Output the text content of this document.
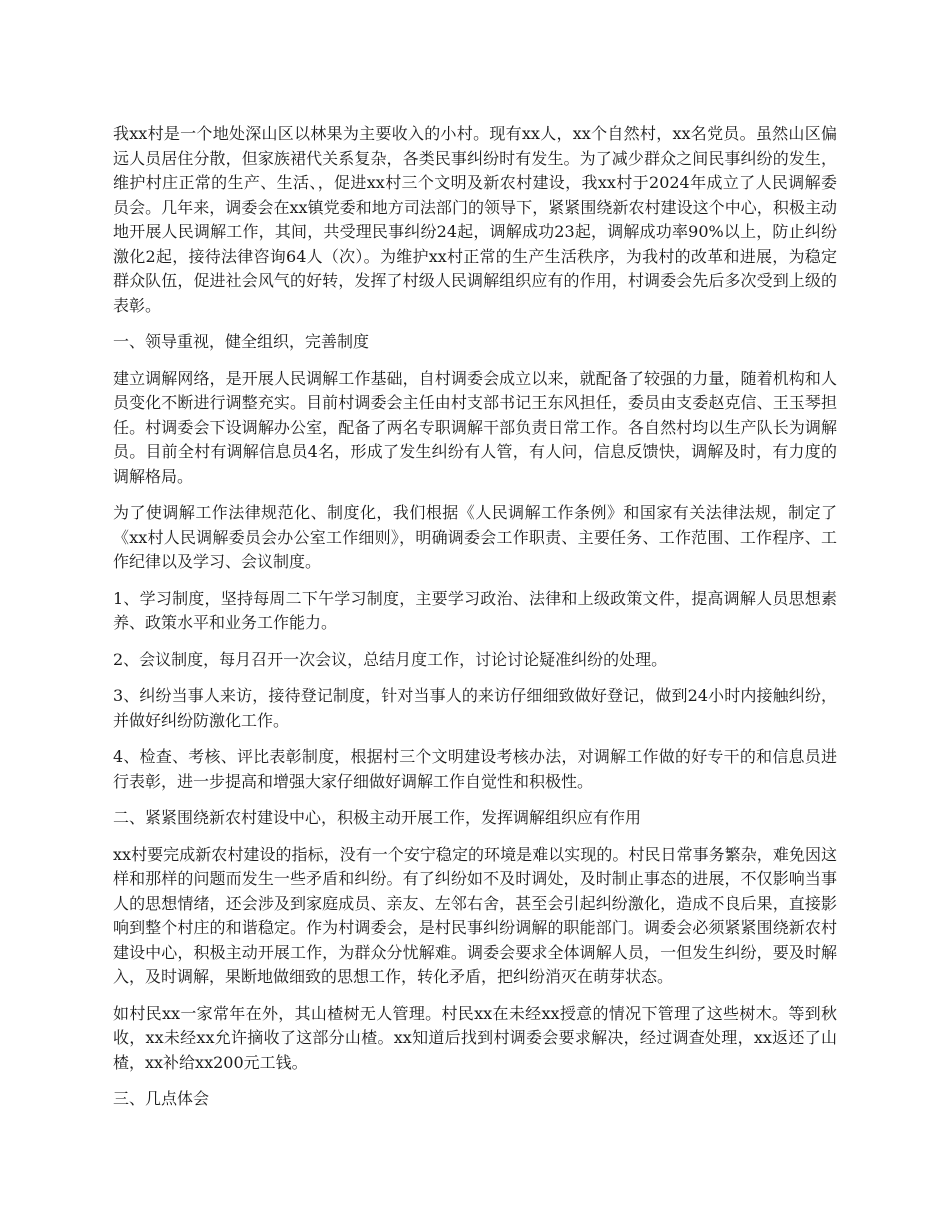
我xx村是一个地处深山区以林果为主要收入的小村。现有xx人，xx个自然村，xx名党员。虽然山区偏远人员居住分散，但家族裙代关系复杂，各类民事纠纷时有发生。为了减少群众之间民事纠纷的发生，维护村庄正常的生产、生活、，促进xx村三个文明及新农村建设，我xx村于2024年成立了人民调解委员会。几年来，调委会在xx镇党委和地方司法部门的领导下，紧紧围绕新农村建设这个中心，积极主动地开展人民调解工作，其间，共受理民事纠纷24起，调解成功23起，调解成功率90%以上，防止纠纷激化2起，接待法律咨询64人（次）。为维护xx村正常的生产生活秩序，为我村的改革和进展，为稳定群众队伍，促进社会风气的好转，发挥了村级人民调解组织应有的作用，村调委会先后多次受到上级的表彰。

一、领导重视，健全组织，完善制度

建立调解网络，是开展人民调解工作基础，自村调委会成立以来，就配备了较强的力量，随着机构和人员变化不断进行调整充实。目前村调委会主任由村支部书记王东风担任，委员由支委赵克信、王玉琴担任。村调委会下设调解办公室，配备了两名专职调解干部负责日常工作。各自然村均以生产队长为调解员。目前全村有调解信息员4名，形成了发生纠纷有人管，有人问，信息反馈快，调解及时，有力度的调解格局。

为了使调解工作法律规范化、制度化，我们根据《人民调解工作条例》和国家有关法律法规，制定了《xx村人民调解委员会办公室工作细则》，明确调委会工作职责、主要任务、工作范围、工作程序、工作纪律以及学习、会议制度。

1、学习制度，坚持每周二下午学习制度，主要学习政治、法律和上级政策文件，提高调解人员思想素养、政策水平和业务工作能力。

2、会议制度，每月召开一次会议，总结月度工作，讨论讨论疑准纠纷的处理。

3、纠纷当事人来访，接待登记制度，针对当事人的来访仔细细致做好登记，做到24小时内接触纠纷，并做好纠纷防激化工作。

4、检查、考核、评比表彰制度，根据村三个文明建设考核办法，对调解工作做的好专干的和信息员进行表彰，进一步提高和增强大家仔细做好调解工作自觉性和积极性。

二、紧紧围绕新农村建设中心，积极主动开展工作，发挥调解组织应有作用

xx村要完成新农村建设的指标，没有一个安宁稳定的环境是难以实现的。村民日常事务繁杂，难免因这样和那样的问题而发生一些矛盾和纠纷。有了纠纷如不及时调处，及时制止事态的进展，不仅影响当事人的思想情绪，还会涉及到家庭成员、亲友、左邻右舍，甚至会引起纠纷激化，造成不良后果，直接影响到整个村庄的和谐稳定。作为村调委会，是村民事纠纷调解的职能部门。调委会必须紧紧围绕新农村建设中心，积极主动开展工作，为群众分忧解难。调委会要求全体调解人员，一但发生纠纷，要及时解入，及时调解，果断地做细致的思想工作，转化矛盾，把纠纷消灭在萌芽状态。

如村民xx一家常年在外，其山楂树无人管理。村民xx在未经xx授意的情况下管理了这些树木。等到秋收，xx未经xx允许摘收了这部分山楂。xx知道后找到村调委会要求解决，经过调查处理，xx返还了山楂，xx补给xx200元工钱。

三、几点体会
